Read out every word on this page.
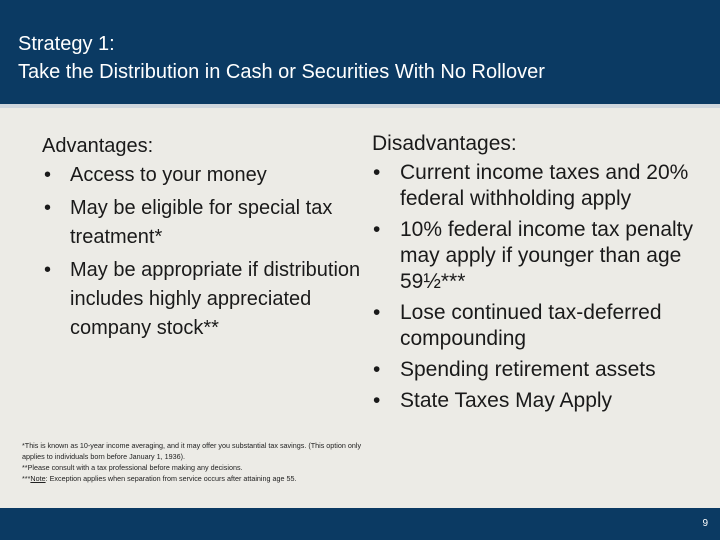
Strategy 1:
Take the Distribution in Cash or Securities With No Rollover
Advantages:
• Access to your money
• May be eligible for special tax treatment*
• May be appropriate if distribution includes highly appreciated company stock**
Disadvantages:
• Current income taxes and 20% federal withholding apply
• 10% federal income tax penalty may apply if younger than age 59½***
• Lose continued tax-deferred compounding
• Spending retirement assets
• State Taxes May Apply
*This is known as 10-year income averaging, and it may offer you substantial tax savings. (This option only applies to individuals born before January 1, 1936).
**Please consult with a tax professional before making any decisions.
***Note: Exception applies when separation from service occurs after attaining age 55.
9
